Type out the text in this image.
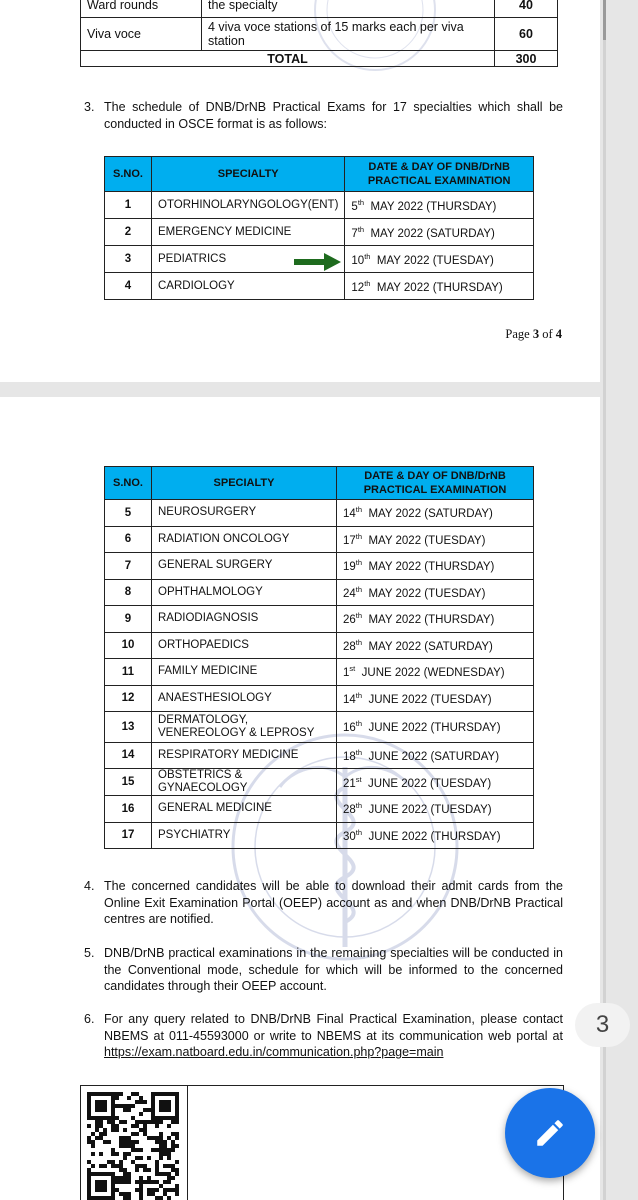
Ward rounds	the specialty	40
Viva voce	4 viva voce stations of 15 marks each per viva station	60
TOTAL		300
3. The schedule of DNB/DrNB Practical Exams for 17 specialties which shall be conducted in OSCE format is as follows:
S.NO.	SPECIALTY	DATE & DAY OF DNB/DrNB PRACTICAL EXAMINATION
1	OTORHINOLARYNGOLOGY(ENT)	5th MAY 2022 (THURSDAY)
2	EMERGENCY MEDICINE	7th MAY 2022 (SATURDAY)
3	PEDIATRICS	10th MAY 2022 (TUESDAY)
4	CARDIOLOGY	12th MAY 2022 (THURSDAY)
Page 3 of 4
S.NO.	SPECIALTY	DATE & DAY OF DNB/DrNB PRACTICAL EXAMINATION
5	NEUROSURGERY	14th MAY 2022 (SATURDAY)
6	RADIATION ONCOLOGY	17th MAY 2022 (TUESDAY)
7	GENERAL SURGERY	19th MAY 2022 (THURSDAY)
8	OPHTHALMOLOGY	24th MAY 2022 (TUESDAY)
9	RADIODIAGNOSIS	26th MAY 2022 (THURSDAY)
10	ORTHOPAEDICS	28th MAY 2022 (SATURDAY)
11	FAMILY MEDICINE	1st JUNE 2022 (WEDNESDAY)
12	ANAESTHESIOLOGY	14th JUNE 2022 (TUESDAY)
13	DERMATOLOGY, VENEREOLOGY & LEPROSY	16th JUNE 2022 (THURSDAY)
14	RESPIRATORY MEDICINE	18th JUNE 2022 (SATURDAY)
15	OBSTETRICS & GYNAECOLOGY	21st JUNE 2022 (TUESDAY)
16	GENERAL MEDICINE	28th JUNE 2022 (TUESDAY)
17	PSYCHIATRY	30th JUNE 2022 (THURSDAY)
4. The concerned candidates will be able to download their admit cards from the Online Exit Examination Portal (OEEP) account as and when DNB/DrNB Practical centres are notified.
5. DNB/DrNB practical examinations in the remaining specialties will be conducted in the Conventional mode, schedule for which will be informed to the concerned candidates through their OEEP account.
6. For any query related to DNB/DrNB Final Practical Examination, please contact NBEMS at 011-45593000 or write to NBEMS at its communication web portal at https://exam.natboard.edu.in/communication.php?page=main
3
